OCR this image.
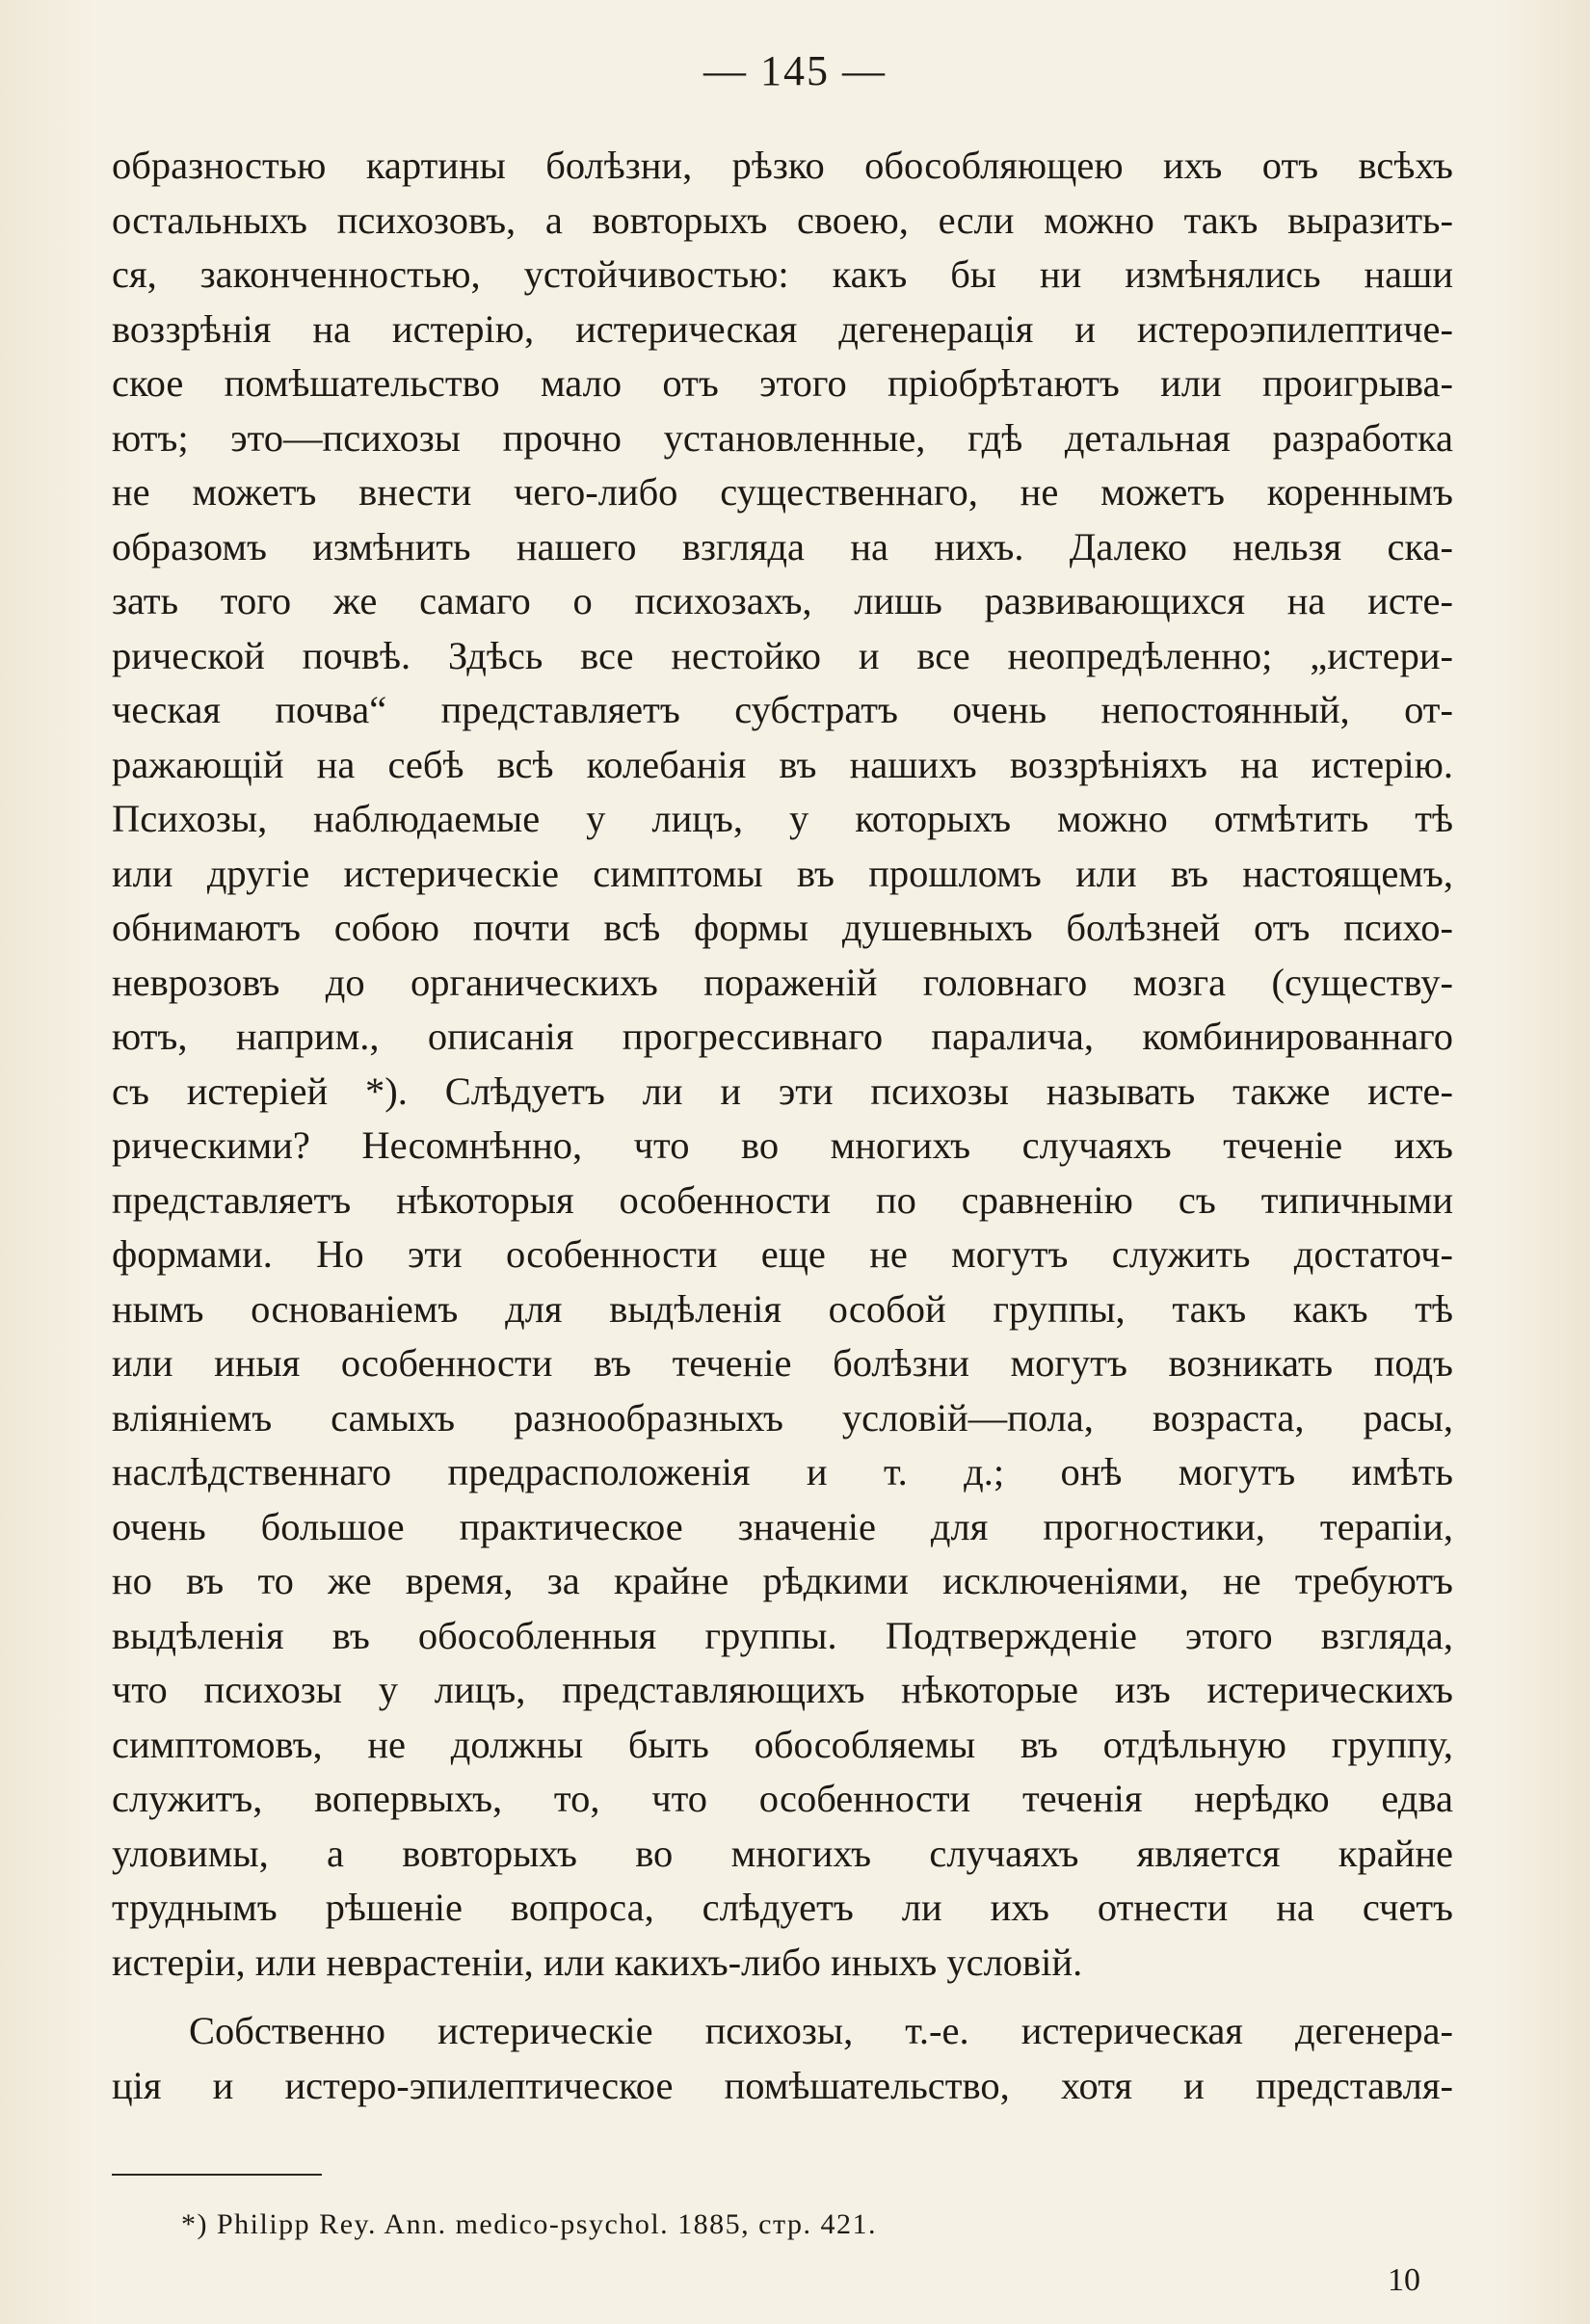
— 145 —
образностью картины болѣзни, рѣзко обособляющею ихъ отъ всѣхъ
остальныхъ психозовъ, а вовторыхъ своею, если можно такъ выразить-
ся, законченностью, устойчивостью: какъ бы ни измѣнялись наши
воззрѣнія на истерію, истерическая дегенерація и истероэпилептиче-
ское помѣшательство мало отъ этого пріобрѣтаютъ или проигрыва-
ютъ; это—психозы прочно установленные, гдѣ детальная разработка
не можетъ внести чего-либо существеннаго, не можетъ кореннымъ
образомъ измѣнить нашего взгляда на нихъ. Далеко нельзя ска-
зать того же самаго о психозахъ, лишь развивающихся на исте-
рической почвѣ. Здѣсь все нестойко и все неопредѣленно; „истери-
ческая почва“ представляетъ субстратъ очень непостоянный, от-
ражающій на себѣ всѣ колебанія въ нашихъ воззрѣніяхъ на истерію.
Психозы, наблюдаемые у лицъ, у которыхъ можно отмѣтить тѣ
или другіе истерическіе симптомы въ прошломъ или въ настоящемъ,
обнимаютъ собою почти всѣ формы душевныхъ болѣзней отъ психо-
неврозовъ до органическихъ пораженій головнаго мозга (существу-
ютъ, наприм., описанія прогрессивнаго паралича, комбинированнаго
съ истеріей *). Слѣдуетъ ли и эти психозы называть также исте-
рическими? Несомнѣнно, что во многихъ случаяхъ теченіе ихъ
представляетъ нѣкоторыя особенности по сравненію съ типичными
формами. Но эти особенности еще не могутъ служить достаточ-
нымъ основаніемъ для выдѣленія особой группы, такъ какъ тѣ
или иныя особенности въ теченіе болѣзни могутъ возникать подъ
вліяніемъ самыхъ разнообразныхъ условій—пола, возраста, расы,
наслѣдственнаго предрасположенія и т. д.; онѣ могутъ имѣть
очень большое практическое значеніе для прогностики, терапіи,
но въ то же время, за крайне рѣдкими исключеніями, не требуютъ
выдѣленія въ обособленныя группы. Подтвержденіе этого взгляда,
что психозы у лицъ, представляющихъ нѣкоторые изъ истерическихъ
симптомовъ, не должны быть обособляемы въ отдѣльную группу,
служитъ, вопервыхъ, то, что особенности теченія нерѣдко едва
уловимы, а вовторыхъ во многихъ случаяхъ является крайне
труднымъ рѣшеніе вопроса, слѣдуетъ ли ихъ отнести на счетъ
истеріи, или неврастеніи, или какихъ-либо иныхъ условій.
Собственно истерическіе психозы, т.-е. истерическая дегенера-
ція и истеро-эпилептическое помѣшательство, хотя и представля-
*) Philipp Rey. Ann. medico-psychol. 1885, стр. 421.
10
